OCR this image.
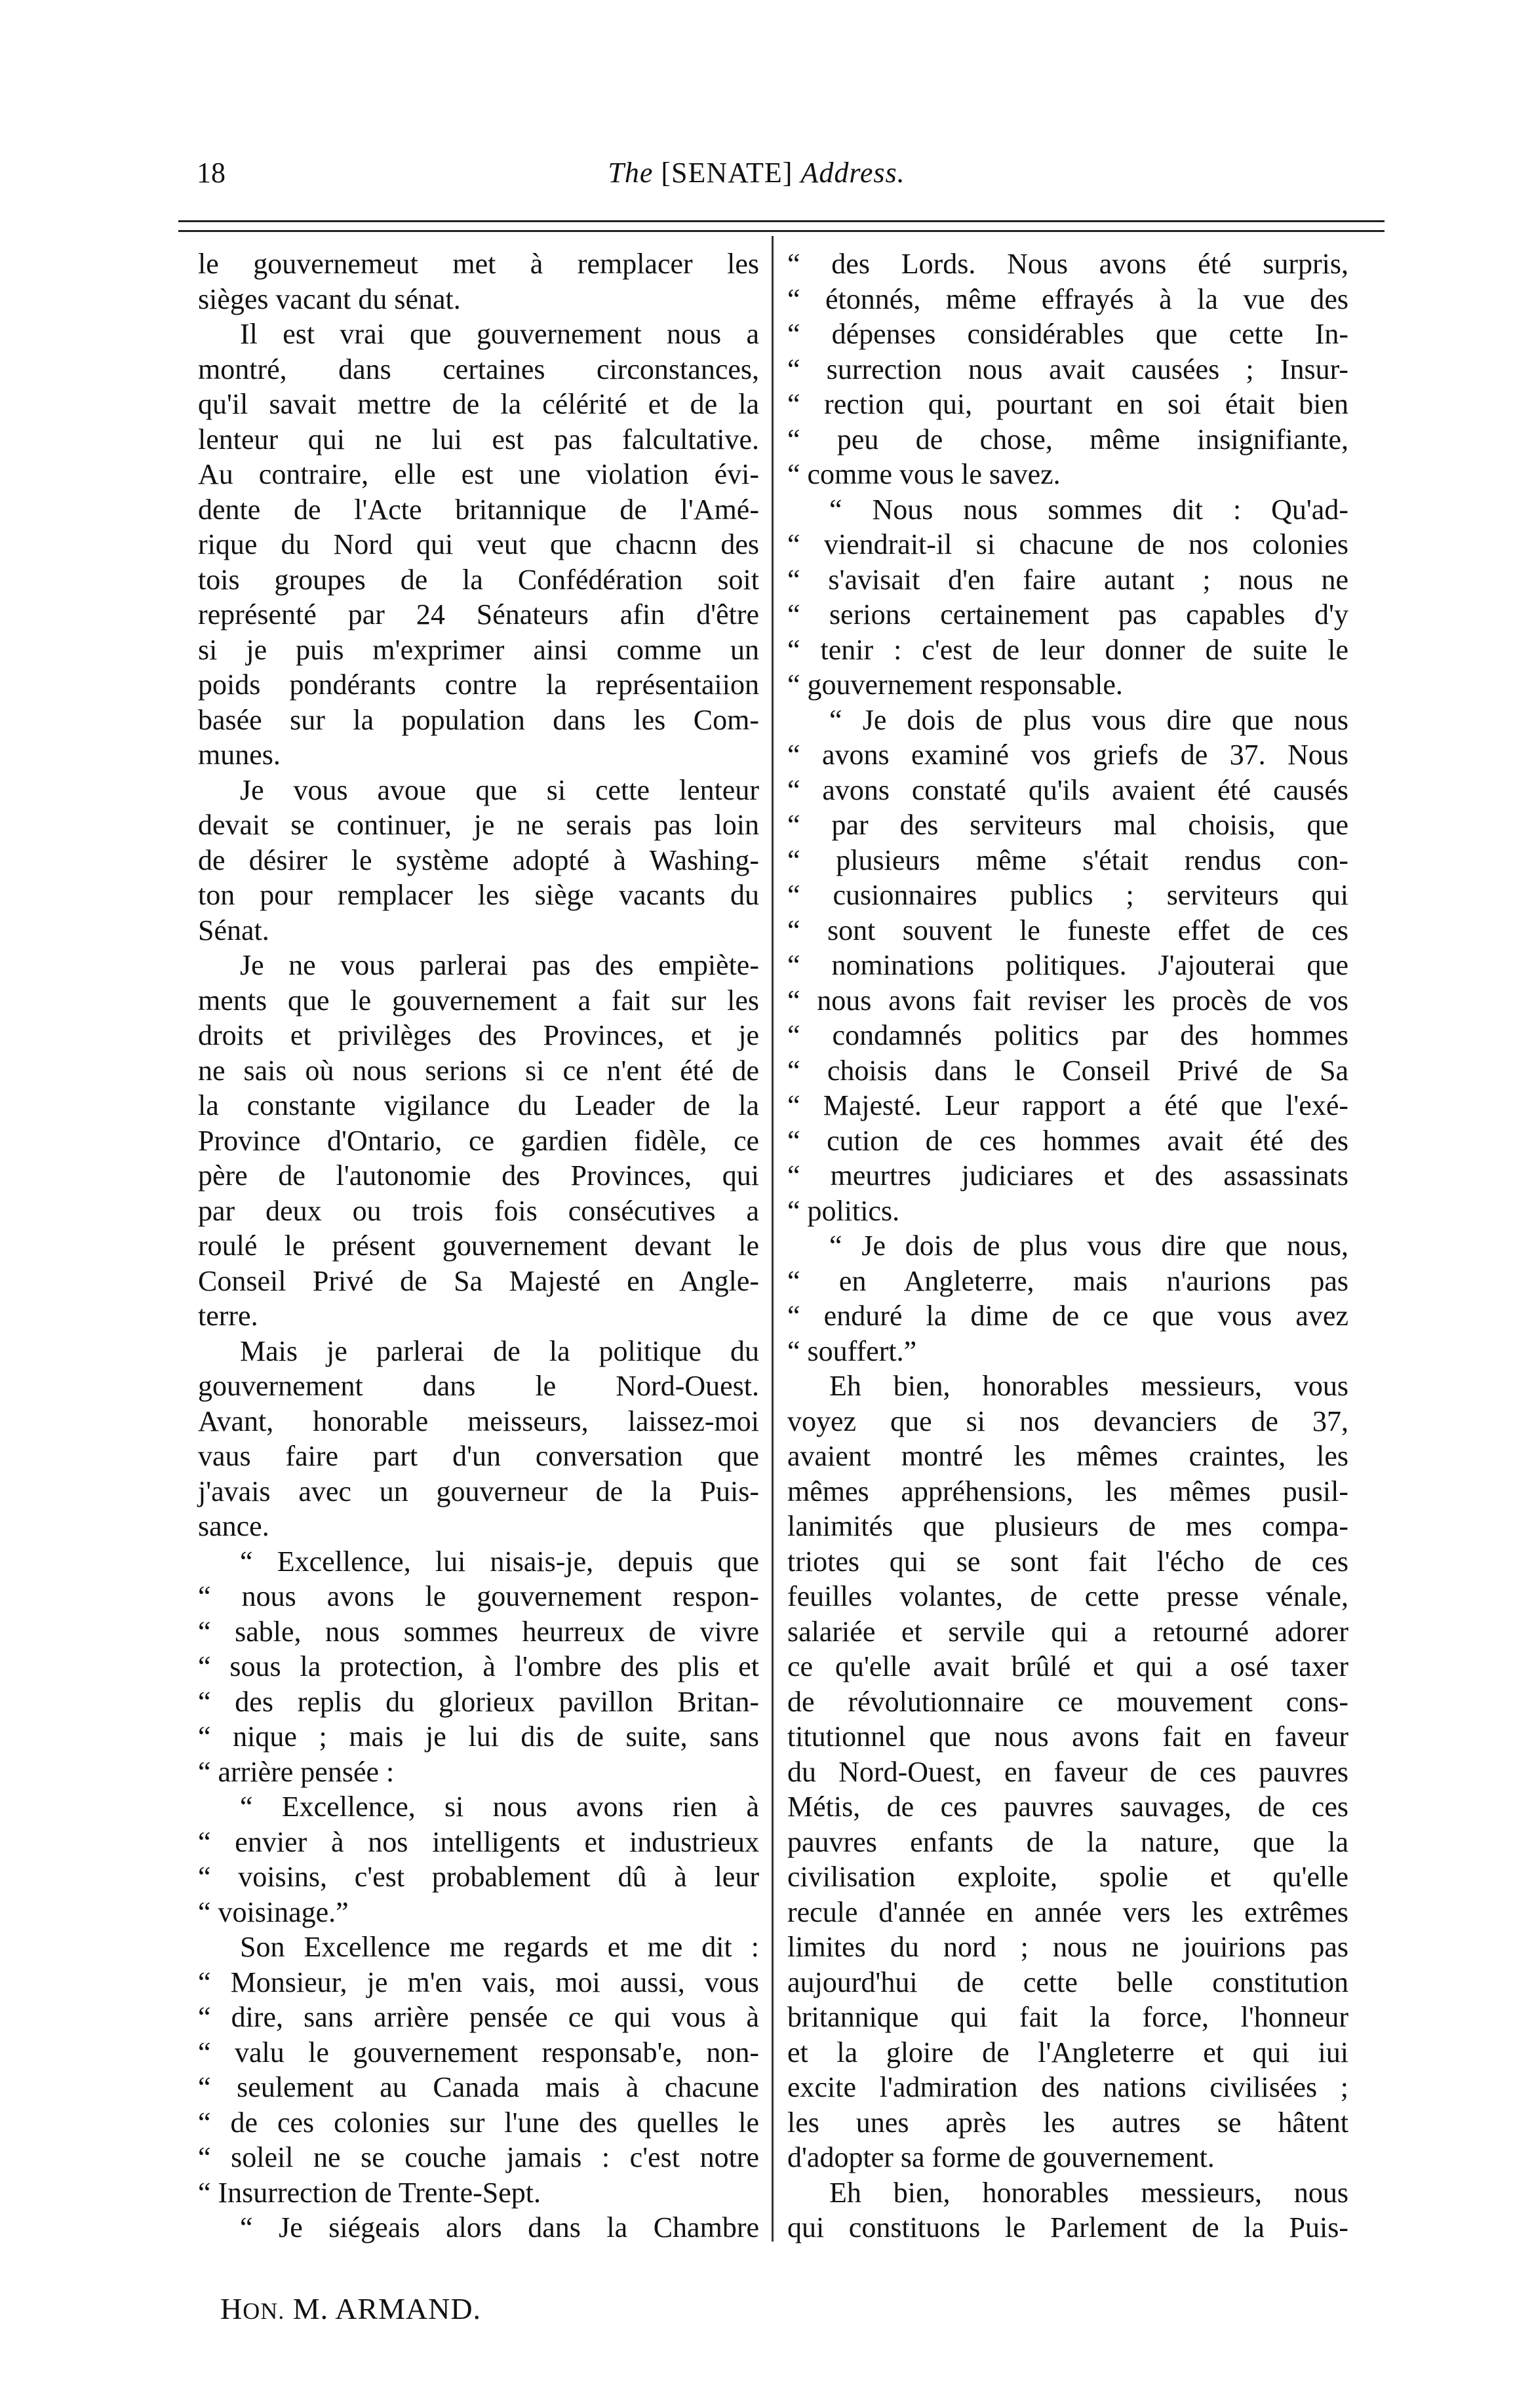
18	The [SENATE] Address.
le gouvernemeut met à remplacer les
sièges vacant du sénat.
Il est vrai que gouvernement nous a
montré, dans certaines circonstances,
qu'il savait mettre de la célérité et de la
lenteur qui ne lui est pas falcultative.
Au contraire, elle est une violation évi-
dente de l'Acte britannique de l'Amé-
rique du Nord qui veut que chacnn des
tois groupes de la Confédération soit
représenté par 24 Sénateurs afin d'être
si je puis m'exprimer ainsi comme un
poids pondérants contre la représentaiion
basée sur la population dans les Com-
munes.
Je vous avoue que si cette lenteur
devait se continuer, je ne serais pas loin
de désirer le système adopté à Washing-
ton pour remplacer les siège vacants du
Sénat.
Je ne vous parlerai pas des empiète-
ments que le gouvernement a fait sur les
droits et privilèges des Provinces, et je
ne sais où nous serions si ce n'ent été de
la constante vigilance du Leader de la
Province d'Ontario, ce gardien fidèle, ce
père de l'autonomie des Provinces, qui
par deux ou trois fois consécutives a
roulé le présent gouvernement devant le
Conseil Privé de Sa Majesté en Angle-
terre.
Mais je parlerai de la politique du
gouvernement dans le Nord-Ouest.
Avant, honorable meisseurs, laissez-moi
vaus faire part d'un conversation que
j'avais avec un gouverneur de la Puis-
sance.
“ Excellence, lui nisais-je, depuis que
“ nous avons le gouvernement respon-
“ sable, nous sommes heurreux de vivre
“ sous la protection, à l'ombre des plis et
“ des replis du glorieux pavillon Britan-
“ nique ; mais je lui dis de suite, sans
“ arrière pensée :
“ Excellence, si nous avons rien à
“ envier à nos intelligents et industrieux
“ voisins, c'est probablement dû à leur
“ voisinage.”
Son Excellence me regards et me dit :
“ Monsieur, je m'en vais, moi aussi, vous
“ dire, sans arrière pensée ce qui vous à
“ valu le gouvernement responsab'e, non-
“ seulement au Canada mais à chacune
“ de ces colonies sur l'une des quelles le
“ soleil ne se couche jamais : c'est notre
“ Insurrection de Trente-Sept.
“ Je siégeais alors dans la Chambre
“ des Lords. Nous avons été surpris,
“ étonnés, même effrayés à la vue des
“ dépenses considérables que cette In-
“ surrection nous avait causées ; Insur-
“ rection qui, pourtant en soi était bien
“ peu de chose, même insignifiante,
“ comme vous le savez.
“ Nous nous sommes dit : Qu'ad-
“ viendrait-il si chacune de nos colonies
“ s'avisait d'en faire autant ; nous ne
“ serions certainement pas capables d'y
“ tenir : c'est de leur donner de suite le
“ gouvernement responsable.
“ Je dois de plus vous dire que nous
“ avons examiné vos griefs de 37. Nous
“ avons constaté qu'ils avaient été causés
“ par des serviteurs mal choisis, que
“ plusieurs même s'était rendus con-
“ cusionnaires publics ; serviteurs qui
“ sont souvent le funeste effet de ces
“ nominations politiques. J'ajouterai que
“ nous avons fait reviser les procès de vos
“ condamnés politics par des hommes
“ choisis dans le Conseil Privé de Sa
“ Majesté. Leur rapport a été que l'exé-
“ cution de ces hommes avait été des
“ meurtres judiciares et des assassinats
“ politics.
“ Je dois de plus vous dire que nous,
“ en Angleterre, mais n'aurions pas
“ enduré la dime de ce que vous avez
“ souffert.”
Eh bien, honorables messieurs, vous
voyez que si nos devanciers de 37,
avaient montré les mêmes craintes, les
mêmes appréhensions, les mêmes pusil-
lanimités que plusieurs de mes compa-
triotes qui se sont fait l'écho de ces
feuilles volantes, de cette presse vénale,
salariée et servile qui a retourné adorer
ce qu'elle avait brûlé et qui a osé taxer
de révolutionnaire ce mouvement cons-
titutionnel que nous avons fait en faveur
du Nord-Ouest, en faveur de ces pauvres
Métis, de ces pauvres sauvages, de ces
pauvres enfants de la nature, que la
civilisation exploite, spolie et qu'elle
recule d'année en année vers les extrêmes
limites du nord ; nous ne jouirions pas
aujourd'hui de cette belle constitution
britannique qui fait la force, l'honneur
et la gloire de l'Angleterre et qui iui
excite l'admiration des nations civilisées ;
les unes après les autres se hâtent
d'adopter sa forme de gouvernement.
Eh bien, honorables messieurs, nous
qui constituons le Parlement de la Puis-
HON. M. ARMAND.
